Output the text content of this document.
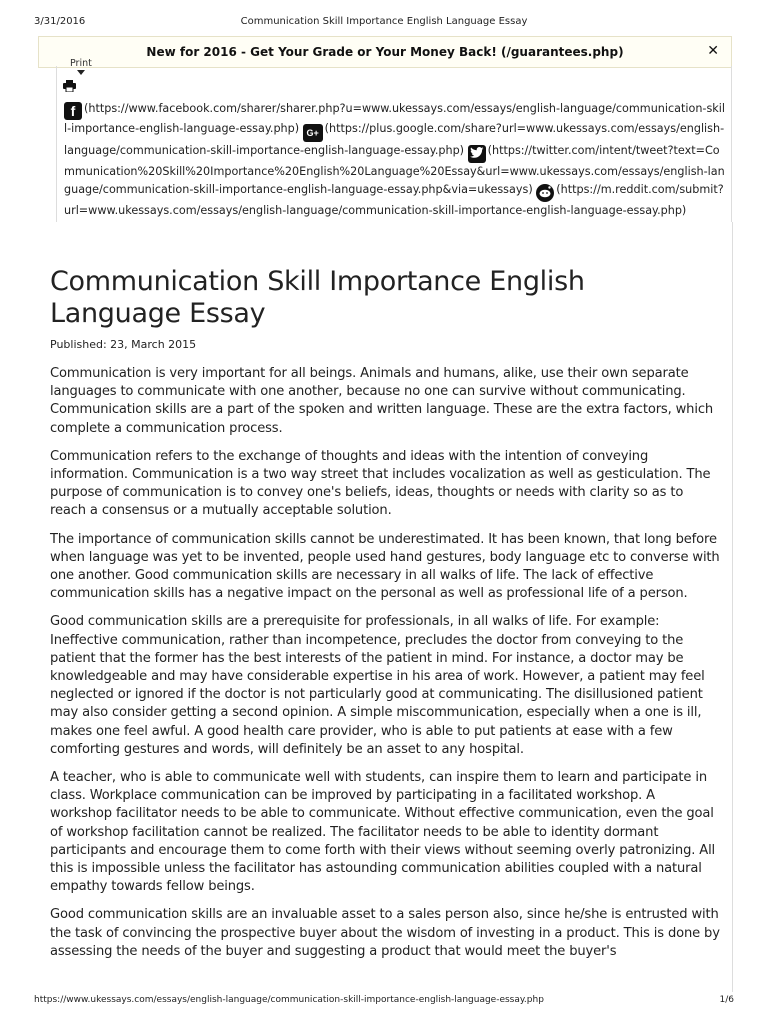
3/31/2016	Communication Skill Importance English Language Essay
New for 2016 - Get Your Grade or Your Money Back! (/guarantees.php)	✕
Print
f (https://www.facebook.com/sharer/sharer.php?u=www.ukessays.com/essays/english-language/communication-skill-importance-english-language-essay.php) G+ (https://plus.google.com/share?url=www.ukessays.com/essays/english-language/communication-skill-importance-english-language-essay.php) (https://twitter.com/intent/tweet?text=Communication%20Skill%20Importance%20English%20Language%20Essay&url=www.ukessays.com/essays/english-language/communication-skill-importance-english-language-essay.php&via=ukessays) (https://m.reddit.com/submit?url=www.ukessays.com/essays/english-language/communication-skill-importance-english-language-essay.php)
Communication Skill Importance English Language Essay
Published: 23, March 2015

Communication is very important for all beings. Animals and humans, alike, use their own separate languages to communicate with one another, because no one can survive without communicating. Communication skills are a part of the spoken and written language. These are the extra factors, which complete a communication process.

Communication refers to the exchange of thoughts and ideas with the intention of conveying information. Communication is a two way street that includes vocalization as well as gesticulation. The purpose of communication is to convey one's beliefs, ideas, thoughts or needs with clarity so as to reach a consensus or a mutually acceptable solution.

The importance of communication skills cannot be underestimated. It has been known, that long before when language was yet to be invented, people used hand gestures, body language etc to converse with one another. Good communication skills are necessary in all walks of life. The lack of effective communication skills has a negative impact on the personal as well as professional life of a person.

Good communication skills are a prerequisite for professionals, in all walks of life. For example: Ineffective communication, rather than incompetence, precludes the doctor from conveying to the patient that the former has the best interests of the patient in mind. For instance, a doctor may be knowledgeable and may have considerable expertise in his area of work. However, a patient may feel neglected or ignored if the doctor is not particularly good at communicating. The disillusioned patient may also consider getting a second opinion. A simple miscommunication, especially when a one is ill, makes one feel awful. A good health care provider, who is able to put patients at ease with a few comforting gestures and words, will definitely be an asset to any hospital.

A teacher, who is able to communicate well with students, can inspire them to learn and participate in class. Workplace communication can be improved by participating in a facilitated workshop. A workshop facilitator needs to be able to communicate. Without effective communication, even the goal of workshop facilitation cannot be realized. The facilitator needs to be able to identity dormant participants and encourage them to come forth with their views without seeming overly patronizing. All this is impossible unless the facilitator has astounding communication abilities coupled with a natural empathy towards fellow beings.

Good communication skills are an invaluable asset to a sales person also, since he/she is entrusted with the task of convincing the prospective buyer about the wisdom of investing in a product. This is done by assessing the needs of the buyer and suggesting a product that would meet the buyer's

https://www.ukessays.com/essays/english-language/communication-skill-importance-english-language-essay.php	1/6
